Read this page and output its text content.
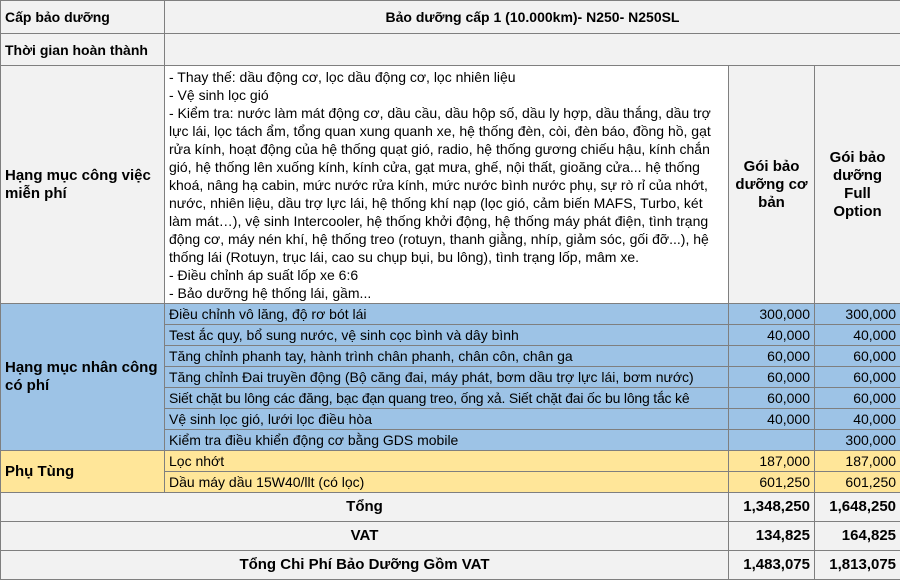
Cấp bảo dưỡng	Bảo dưỡng cấp 1 (10.000km)- N250- N250SL		
Thời gian hoàn thành			
Hạng mục công việc miễn phí	- Thay thế: dầu động cơ, lọc dầu động cơ, lọc nhiên liệu
- Vệ sinh lọc gió
- Kiểm tra: nước làm mát động cơ, dầu cầu, dầu hộp số, dầu ly hợp, dầu thắng, dầu trợ lực lái, lọc tách ẩm, tổng quan xung quanh xe, hệ thống đèn, còi, đèn báo, đồng hồ, gạt rửa kính, hoạt động của hệ thống quạt gió, radio, hệ thống gương chiếu hậu, kính chắn gió, hệ thống lên xuống kính, kính cửa, gạt mưa, ghế, nội thất, gioăng cửa... hệ thống khoá, nâng hạ cabin, mức nước rửa kính, mức nước bình nước phụ, sự rò rỉ của nhớt, nước, nhiên liệu, dầu trợ lực lái, hệ thống khí nạp (lọc gió, cảm biến MAFS, Turbo, két làm mát…), vệ sinh Intercooler, hệ thống khởi động, hệ thống máy phát điện, tình trạng động cơ, máy nén khí, hệ thống treo (rotuyn, thanh giằng, nhíp, giảm sóc, gối đỡ...), hệ thống lái (Rotuyn, trục lái, cao su chụp bụi, bu lông), tình trạng lốp, mâm xe.
- Điều chỉnh áp suất lốp xe 6:6
- Bảo dưỡng hệ thống lái, gầm...	Gói bảo dưỡng cơ bản	Gói bảo dưỡng Full Option
Hạng mục nhân công có phí	Điều chỉnh vô lăng, độ rơ bót lái	300,000	300,000
	Test ắc quy, bổ sung nước, vệ sinh cọc bình và dây bình	40,000	40,000
	Tăng chỉnh phanh tay, hành trình chân phanh, chân côn, chân ga	60,000	60,000
	Tăng chỉnh Đai truyền động (Bộ căng đai, máy phát, bơm dầu trợ lực lái, bơm nước)	60,000	60,000
	Siết chặt bu lông các đăng, bạc đạn quang treo, ống xả. Siết chặt đai ốc bu lông tắc kê	60,000	60,000
	Vệ sinh lọc gió, lưới lọc điều hòa	40,000	40,000
	Kiểm tra điều khiển động cơ bằng GDS mobile		300,000
Phụ Tùng	Lọc nhớt	187,000	187,000
	Dầu máy dầu 15W40/llt (có lọc)	601,250	601,250
Tổng		1,348,250	1,648,250
VAT		134,825	164,825
Tổng Chi Phí Bảo Dưỡng Gồm VAT		1,483,075	1,813,075
